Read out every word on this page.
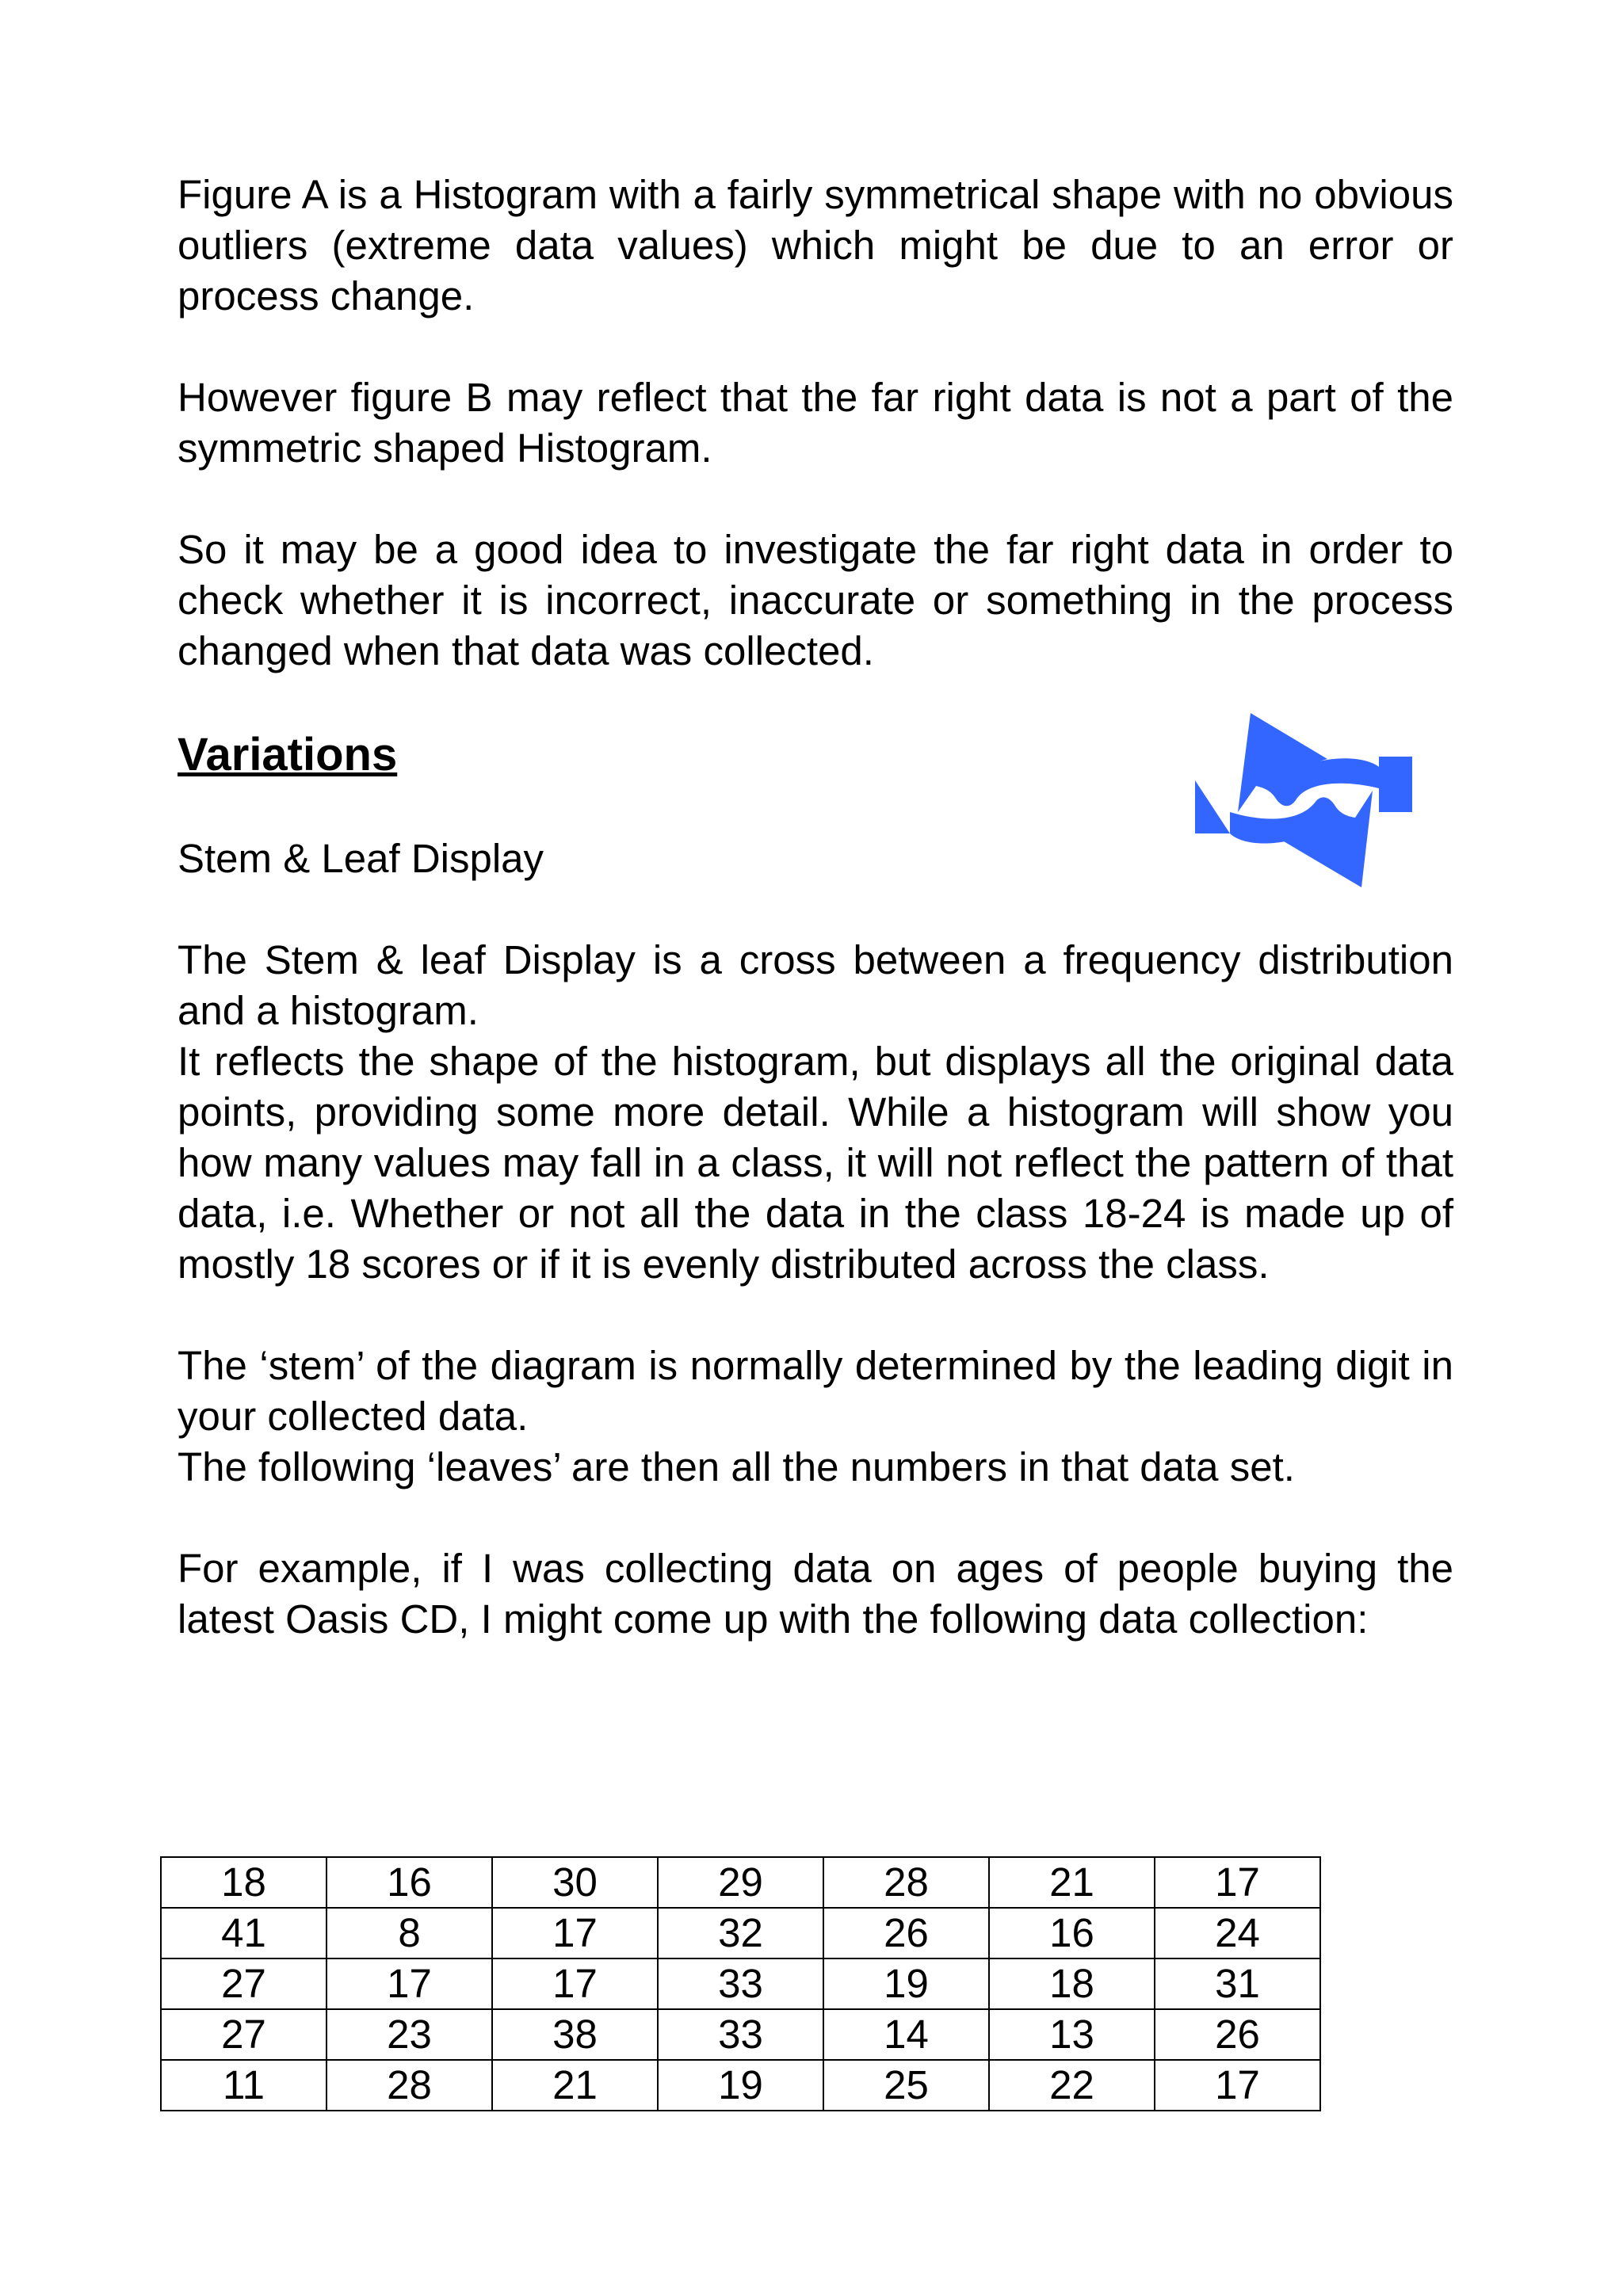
Figure A is a Histogram with a fairly symmetrical shape with no obvious outliers (extreme data values) which might be due to an error or process change.

However figure B may reflect that the far right data is not a part of the symmetric shaped Histogram.

So it may be a good idea to investigate the far right data in order to check whether it is incorrect, inaccurate or something in the process changed when that data was collected.

Variations
Stem & Leaf Display

The Stem & leaf Display is a cross between a frequency distribution and a histogram.

It reflects the shape of the histogram, but displays all the original data points, providing some more detail. While a histogram will show you how many values may fall in a class, it will not reflect the pattern of that data, i.e. Whether or not all the data in the class 18-24 is made up of mostly 18 scores or if it is evenly distributed across the class.

The ‘stem’ of the diagram is normally determined by the leading digit in your collected data.

The following ‘leaves’ are then all the numbers in that data set.

For example, if I was collecting data on ages of people buying the latest Oasis CD, I might come up with the following data collection:

18	16	30	29	28	21	17
41	8	17	32	26	16	24
27	17	17	33	19	18	31
27	23	38	33	14	13	26
11	28	21	19	25	22	17
